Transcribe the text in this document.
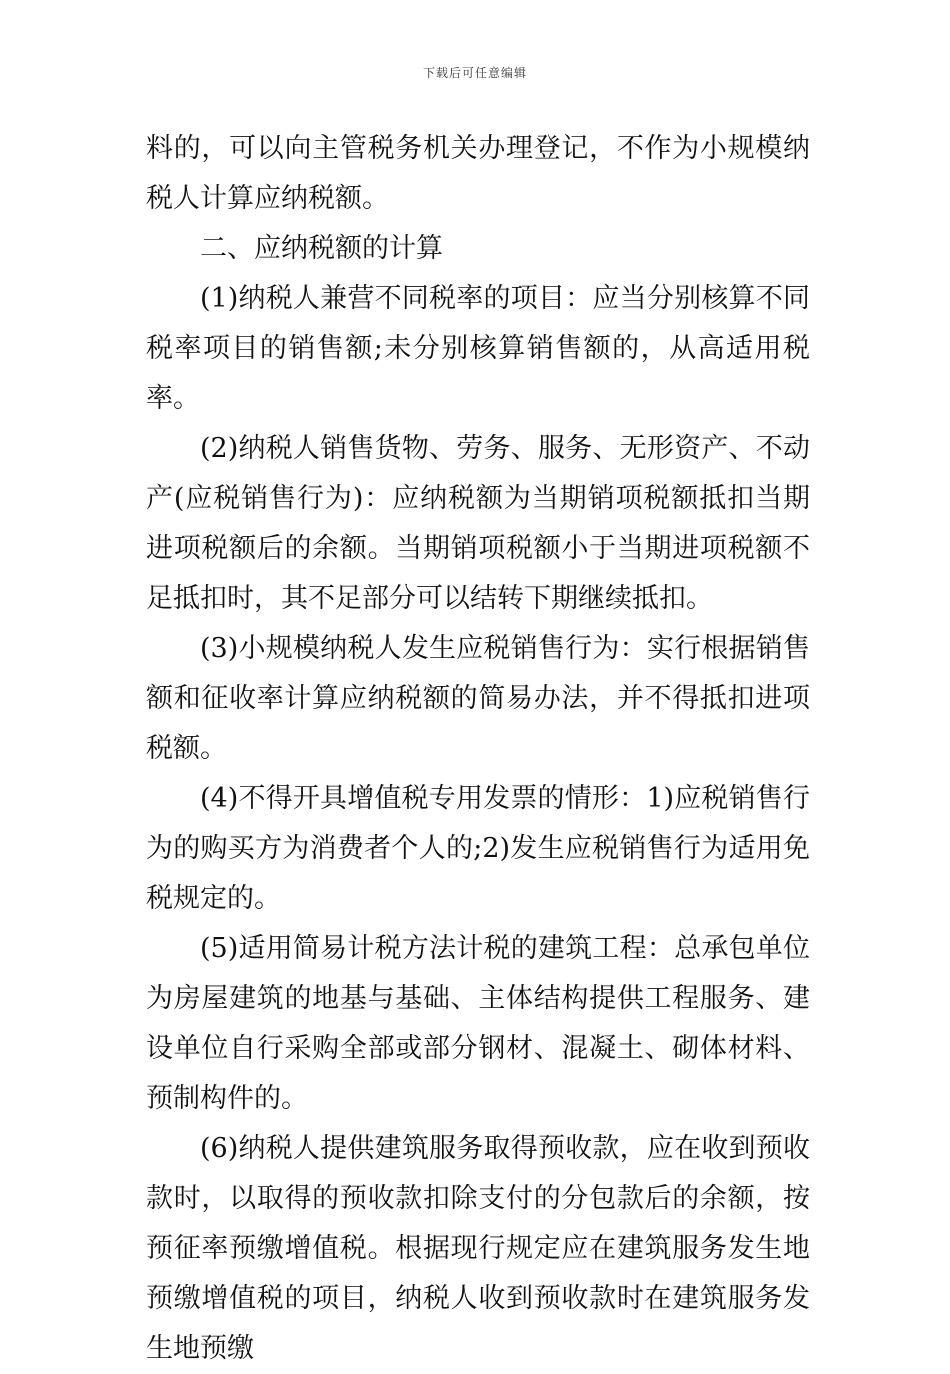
下载后可任意编辑

料的，可以向主管税务机关办理登记，不作为小规模纳税人计算应纳税额。

二、应纳税额的计算

(1)纳税人兼营不同税率的项目：应当分别核算不同税率项目的销售额;未分别核算销售额的，从高适用税率。

(2)纳税人销售货物、劳务、服务、无形资产、不动产(应税销售行为)：应纳税额为当期销项税额抵扣当期进项税额后的余额。当期销项税额小于当期进项税额不足抵扣时，其不足部分可以结转下期继续抵扣。

(3)小规模纳税人发生应税销售行为：实行根据销售额和征收率计算应纳税额的简易办法，并不得抵扣进项税额。

(4)不得开具增值税专用发票的情形：1)应税销售行为的购买方为消费者个人的;2)发生应税销售行为适用免税规定的。

(5)适用简易计税方法计税的建筑工程：总承包单位为房屋建筑的地基与基础、主体结构提供工程服务、建设单位自行采购全部或部分钢材、混凝土、砌体材料、预制构件的。

(6)纳税人提供建筑服务取得预收款，应在收到预收款时，以取得的预收款扣除支付的分包款后的余额，按预征率预缴增值税。根据现行规定应在建筑服务发生地预缴增值税的项目，纳税人收到预收款时在建筑服务发生地预缴
